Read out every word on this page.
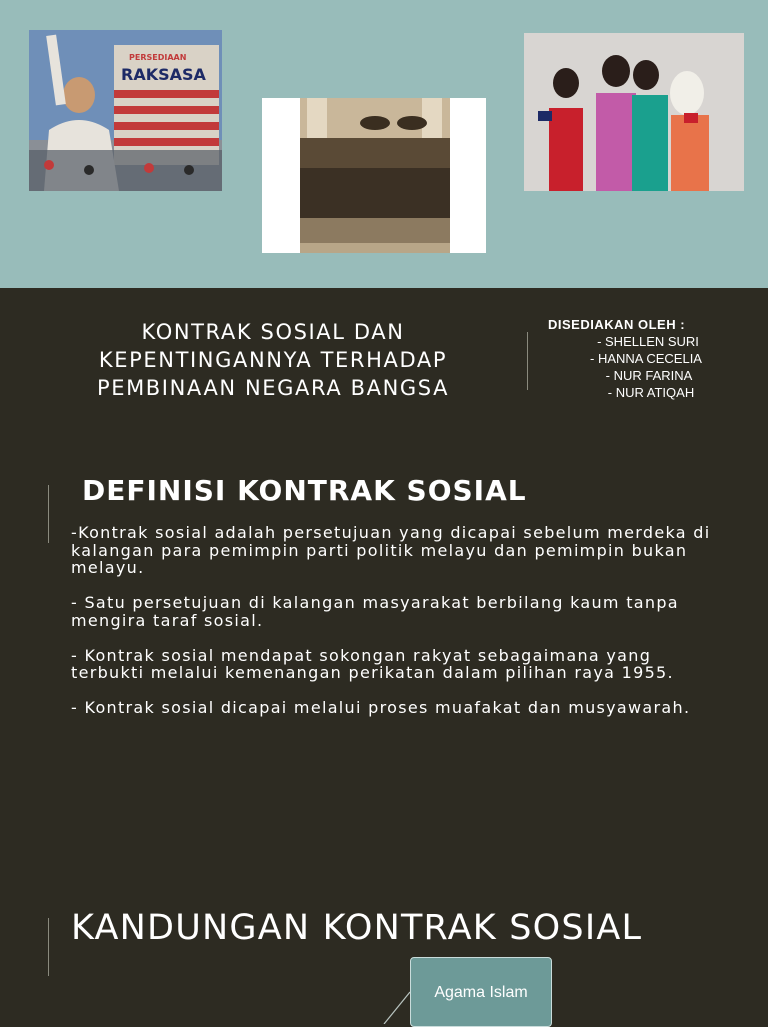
PERSEDIAAN
RAKSASA
KONTRAK SOSIAL DAN
KEPENTINGANNYA TERHADAP
PEMBINAAN NEGARA BANGSA
DISEDIAKAN OLEH :
- SHELLEN SURI
- HANNA CECELIA
- NUR FARINA
- NUR ATIQAH
DEFINISI KONTRAK SOSIAL

-Kontrak sosial adalah persetujuan yang dicapai sebelum merdeka di kalangan para pemimpin parti politik melayu dan pemimpin bukan melayu.

- Satu persetujuan di kalangan masyarakat berbilang kaum tanpa mengira taraf sosial.

- Kontrak sosial mendapat sokongan rakyat sebagaimana yang terbukti melalui kemenangan perikatan dalam pilihan raya 1955.

- Kontrak sosial dicapai melalui proses muafakat dan musyawarah.

KANDUNGAN KONTRAK SOSIAL
Agama Islam
